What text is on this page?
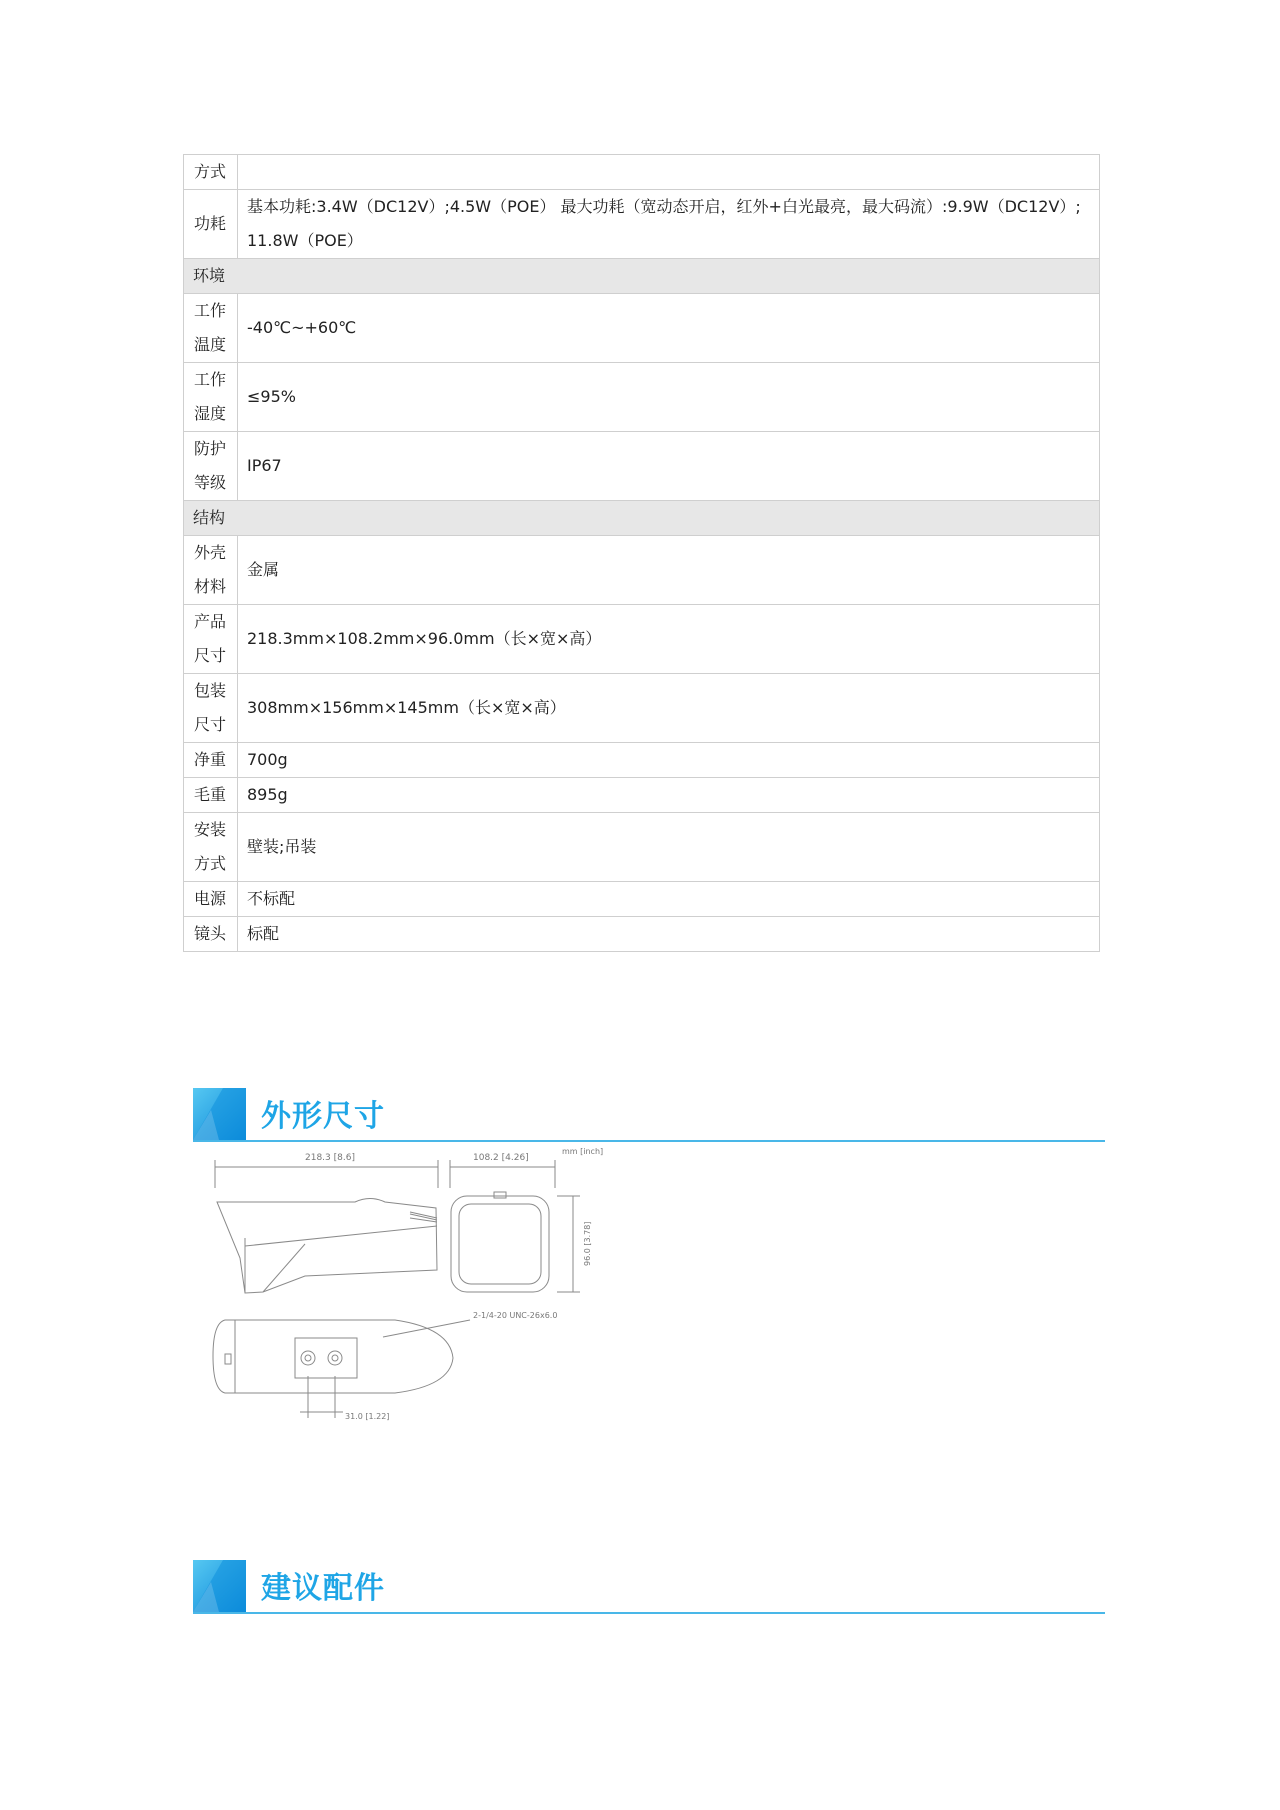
方式	
功耗	基本功耗:3.4W（DC12V）;4.5W（POE） 最大功耗（宽动态开启，红外+白光最亮，最大码流）:9.9W（DC12V）;11.8W（POE）
环境	
工作温度	-40℃~+60℃
工作湿度	≤95%
防护等级	IP67
结构	
外壳材料	金属
产品尺寸	218.3mm×108.2mm×96.0mm（长×宽×高）
包装尺寸	308mm×156mm×145mm（长×宽×高）
净重	700g
毛重	895g
安装方式	壁装;吊装
电源	不标配
镜头	标配
外形尺寸
218.3 [8.6]	108.2 [4.26]
mm [inch]
96.0 [3.78]
2-1/4-20 UNC-26x6.0
31.0 [1.22]
建议配件
